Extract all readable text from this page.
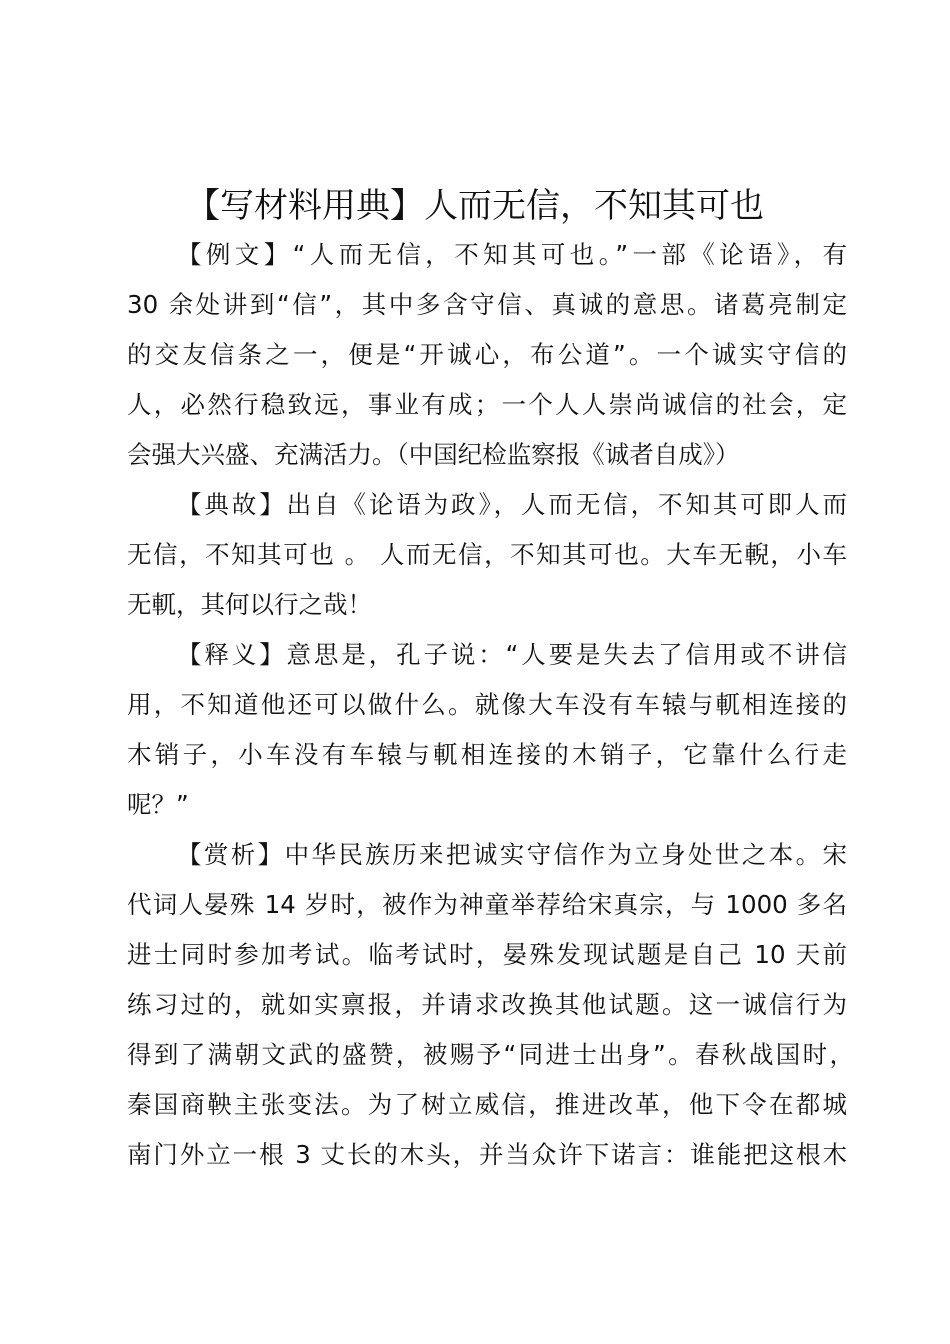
【写材料用典】人而无信，不知其可也
【例文】“人而无信，不知其可也。”一部《论语》，有
30 余处讲到“信”，其中多含守信、真诚的意思。诸葛亮制定
的交友信条之一，便是“开诚心，布公道”。一个诚实守信的
人，必然行稳致远，事业有成；一个人人崇尚诚信的社会，定
会强大兴盛、充满活力。（中国纪检监察报《诚者自成》）
【典故】出自《论语为政》，人而无信，不知其可即人而
无信，不知其可也 。 人而无信，不知其可也。大车无輗，小车
无軏，其何以行之哉！
【释义】意思是，孔子说：“人要是失去了信用或不讲信
用，不知道他还可以做什么。就像大车没有车辕与軏相连接的
木销子，小车没有车辕与軏相连接的木销子，它靠什么行走
呢？”
【赏析】中华民族历来把诚实守信作为立身处世之本。宋
代词人晏殊 14 岁时，被作为神童举荐给宋真宗，与 1000 多名
进士同时参加考试。临考试时，晏殊发现试题是自己 10 天前
练习过的，就如实禀报，并请求改换其他试题。这一诚信行为
得到了满朝文武的盛赞，被赐予“同进士出身”。春秋战国时，
秦国商鞅主张变法。为了树立威信，推进改革，他下令在都城
南门外立一根 3 丈长的木头，并当众许下诺言：谁能把这根木
